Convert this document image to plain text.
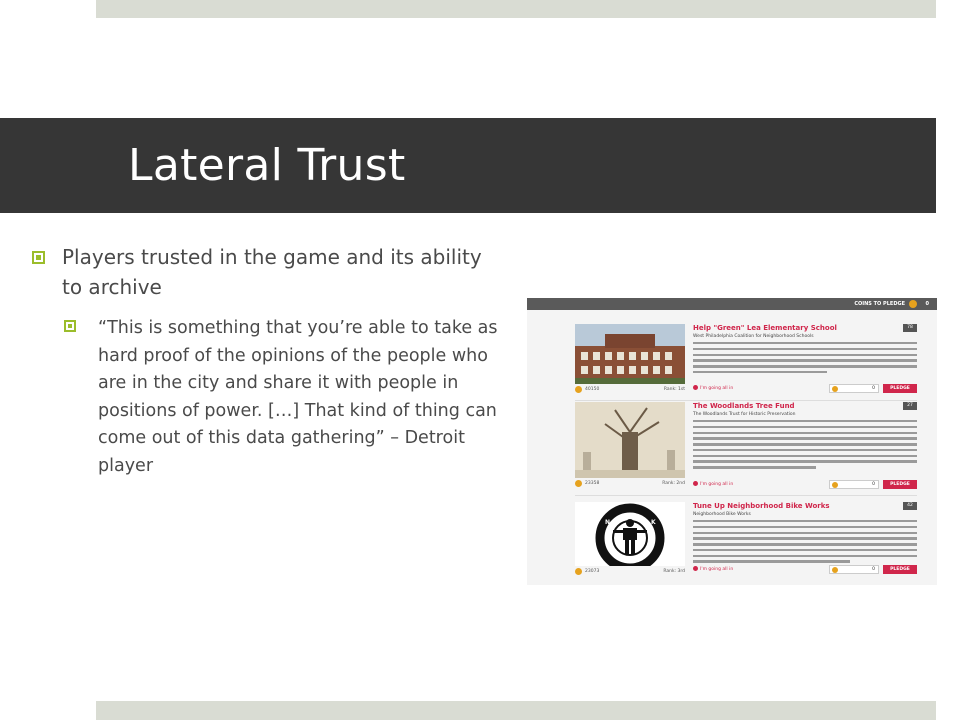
Lateral Trust
Players trusted in the game and its ability to archive
“This is something that you’re able to take as hard proof of the opinions of the people who are in the city and share it with people in positions of power. […] That kind of thing can come out of this data gathering” – Detroit player
COINS TO PLEDGE	0
40150	Rank: 1st
Help "Green" Lea Elementary School
West Philadelphia Coalition for Neighborhood Schools
78
I'm going all in	0	PLEDGE
23358	Rank: 2nd
The Woodlands Tree Fund
The Woodlands Trust for Historic Preservation
27
I'm going all in	0	PLEDGE
N	K
23073	Rank: 3rd
Tune Up Neighborhood Bike Works
Neighborhood Bike Works
42
I'm going all in	0	PLEDGE
